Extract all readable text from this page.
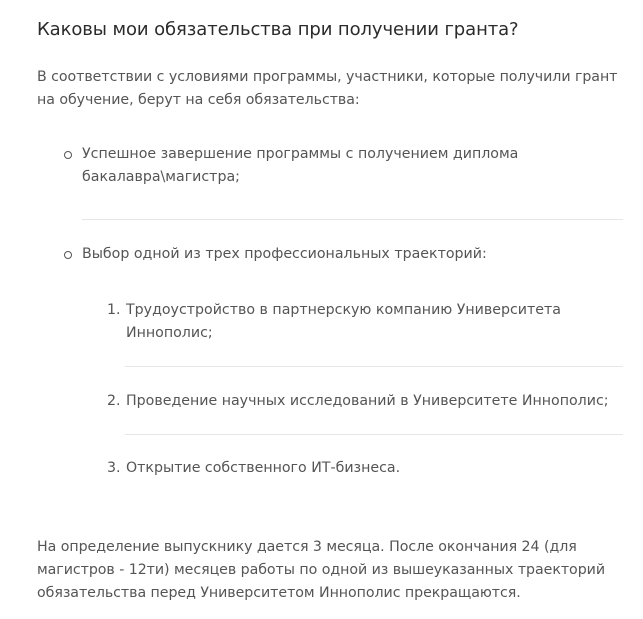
Каковы мои обязательства при получении гранта?
В соответствии с условиями программы, участники, которые получили грант на обучение, берут на себя обязательства:
Успешное завершение программы с получением диплома бакалавра\магистра;
Выбор одной из трех профессиональных траекторий:
1. Трудоустройство в партнерскую компанию Университета Иннополис;
2. Проведение научных исследований в Университете Иннополис;
3. Открытие собственного ИТ-бизнеса.
На определение выпускнику дается 3 месяца. После окончания 24 (для магистров - 12ти) месяцев работы по одной из вышеуказанных траекторий обязательства перед Университетом Иннополис прекращаются.
